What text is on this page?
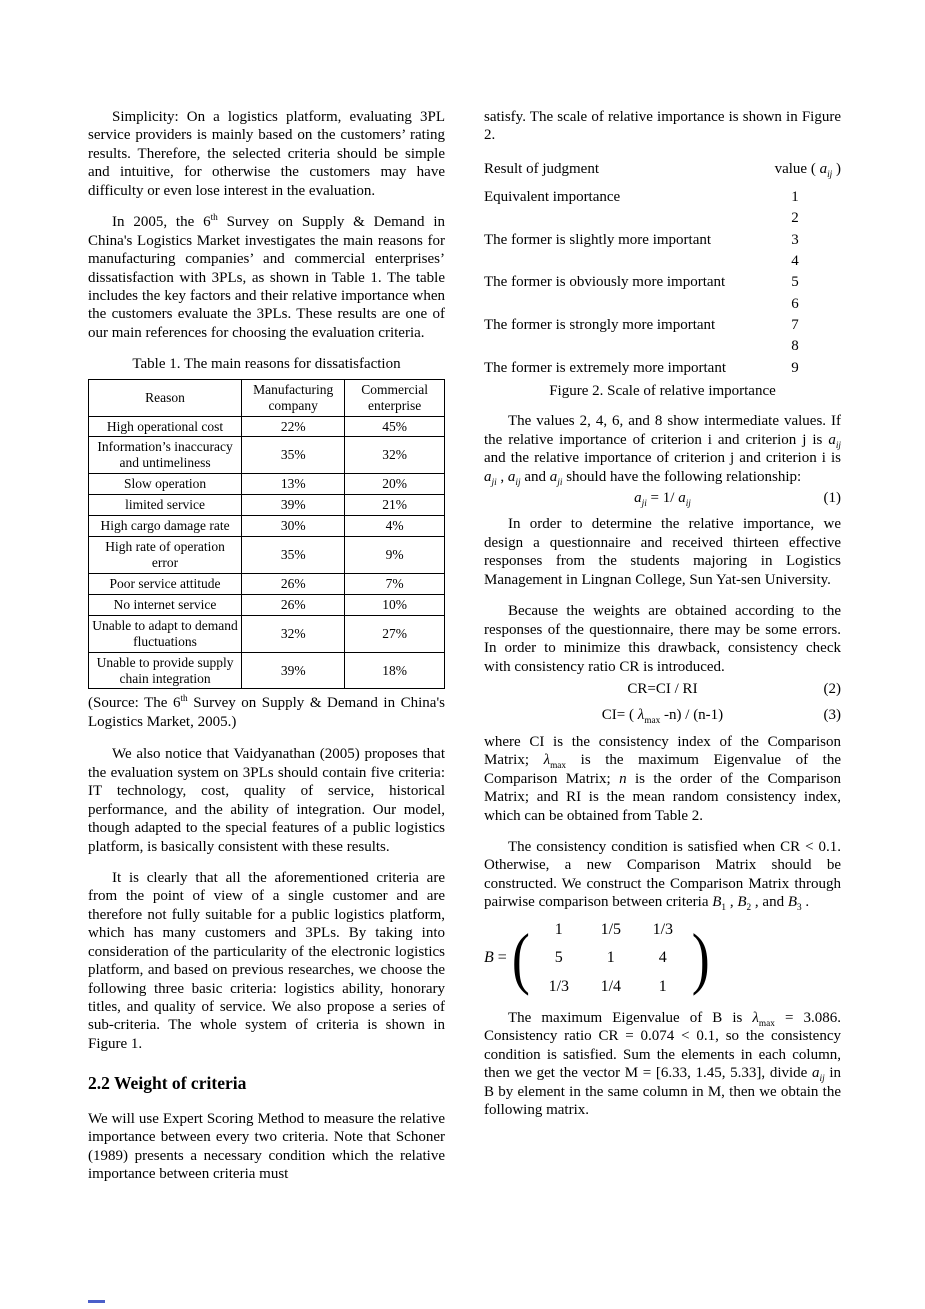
Simplicity: On a logistics platform, evaluating 3PL service providers is mainly based on the customers’ rating results. Therefore, the selected criteria should be simple and intuitive, for otherwise the customers may have difficulty or even lose interest in the evaluation.

In 2005, the 6th Survey on Supply & Demand in China's Logistics Market investigates the main reasons for manufacturing companies’ and commercial enterprises’ dissatisfaction with 3PLs, as shown in Table 1. The table includes the key factors and their relative importance when the customers evaluate the 3PLs. These results are one of our main references for choosing the evaluation criteria.

Table 1. The main reasons for dissatisfaction
Reason	Manufacturing company	Commercial enterprise
High operational cost	22%	45%
Information’s inaccuracy and untimeliness	35%	32%
Slow operation	13%	20%
limited service	39%	21%
High cargo damage rate	30%	4%
High rate of operation error	35%	9%
Poor service attitude	26%	7%
No internet service	26%	10%
Unable to adapt to demand fluctuations	32%	27%
Unable to provide supply chain integration	39%	18%

(Source: The 6th Survey on Supply & Demand in China's Logistics Market, 2005.)

We also notice that Vaidyanathan (2005) proposes that the evaluation system on 3PLs should contain five criteria: IT technology, cost, quality of service, historical performance, and the ability of integration. Our model, though adapted to the special features of a public logistics platform, is basically consistent with these results.

It is clearly that all the aforementioned criteria are from the point of view of a single customer and are therefore not fully suitable for a public logistics platform, which has many customers and 3PLs. By taking into consideration of the particularity of the electronic logistics platform, and based on previous researches, we choose the following three basic criteria: logistics ability, honorary titles, and quality of service. We also propose a series of sub-criteria. The whole system of criteria is shown in Figure 1.

2.2 Weight of criteria

We will use Expert Scoring Method to measure the relative importance between every two criteria. Note that Schoner (1989) presents a necessary condition which the relative importance between criteria must

satisfy. The scale of relative importance is shown in Figure 2.

Result of judgment	value ( $a_{ij}$ )
Equivalent importance	1
2
The former is slightly more important	3
4
The former is obviously more important	5
6
The former is strongly more important	7
8
The former is extremely more important	9
Figure 2. Scale of relative importance

The values 2, 4, 6, and 8 show intermediate values. If the relative importance of criterion i and criterion j is $a_{ij}$ and the relative importance of criterion j and criterion i is $a_{ji}$ , $a_{ij}$ and $a_{ji}$ should have the following relationship:

$a_{ji} = 1/$ $a_{ij}$	(1)

In order to determine the relative importance, we design a questionnaire and received thirteen effective responses from the students majoring in Logistics Management in Lingnan College, Sun Yat-sen University.

Because the weights are obtained according to the responses of the questionnaire, there may be some errors. In order to minimize this drawback, consistency check with consistency ratio CR is introduced.

CR=CI / RI	(2)
CI= ( $\lambda_{max}$ -n) / (n-1)	(3)

where CI is the consistency index of the Comparison Matrix; $\lambda_{max}$ is the maximum Eigenvalue of the Comparison Matrix; n is the order of the Comparison Matrix; and RI is the mean random consistency index, which can be obtained from Table 2.

The consistency condition is satisfied when CR < 0.1. Otherwise, a new Comparison Matrix should be constructed. We construct the Comparison Matrix through pairwise comparison between criteria $B_1$ , $B_2$ , and $B_3$ .

B = (	1	1/5	1/3
5	1	4
1/3	1/4	1 )

The maximum Eigenvalue of B is $\lambda_{max} = 3.086$. Consistency ratio CR = 0.074 < 0.1, so the consistency condition is satisfied. Sum the elements in each column, then we get the vector M = [6.33, 1.45, 5.33], divide $a_{ij}$ in B by element in the same column in M, then we obtain the following matrix.
